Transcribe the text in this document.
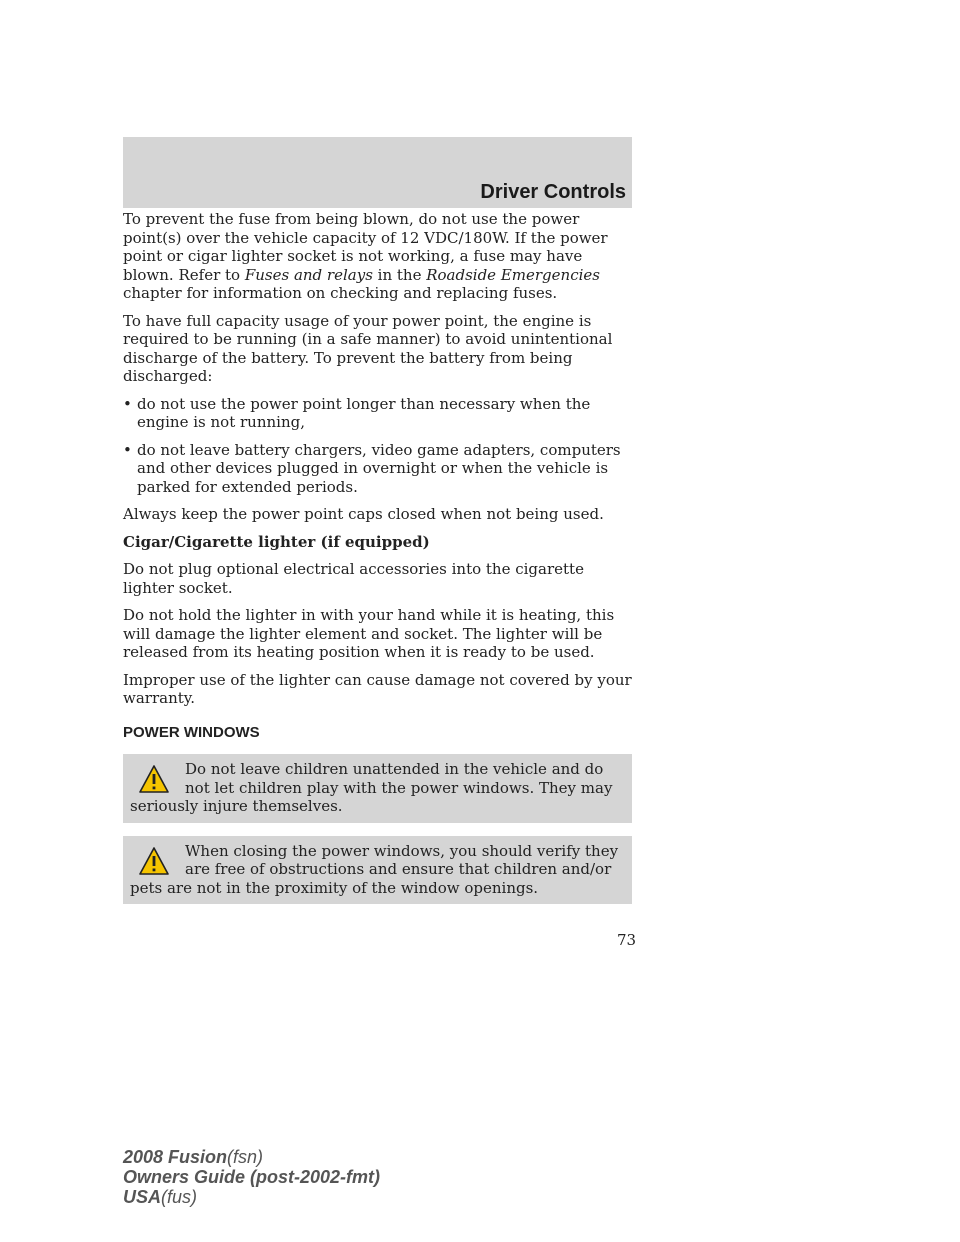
Driver Controls

To prevent the fuse from being blown, do not use the power point(s) over the vehicle capacity of 12 VDC/180W. If the power point or cigar lighter socket is not working, a fuse may have blown. Refer to Fuses and relays in the Roadside Emergencies chapter for information on checking and replacing fuses.

To have full capacity usage of your power point, the engine is required to be running (in a safe manner) to avoid unintentional discharge of the battery. To prevent the battery from being discharged:

• do not use the power point longer than necessary when the engine is not running,
• do not leave battery chargers, video game adapters, computers and other devices plugged in overnight or when the vehicle is parked for extended periods.

Always keep the power point caps closed when not being used.

Cigar/Cigarette lighter (if equipped)

Do not plug optional electrical accessories into the cigarette lighter socket.

Do not hold the lighter in with your hand while it is heating, this will damage the lighter element and socket. The lighter will be released from its heating position when it is ready to be used.

Improper use of the lighter can cause damage not covered by your warranty.

POWER WINDOWS
Do not leave children unattended in the vehicle and do not let children play with the power windows. They may seriously injure themselves.
When closing the power windows, you should verify they are free of obstructions and ensure that children and/or pets are not in the proximity of the window openings.
73
2008 Fusion(fsn)
Owners Guide (post-2002-fmt)
USA(fus)
